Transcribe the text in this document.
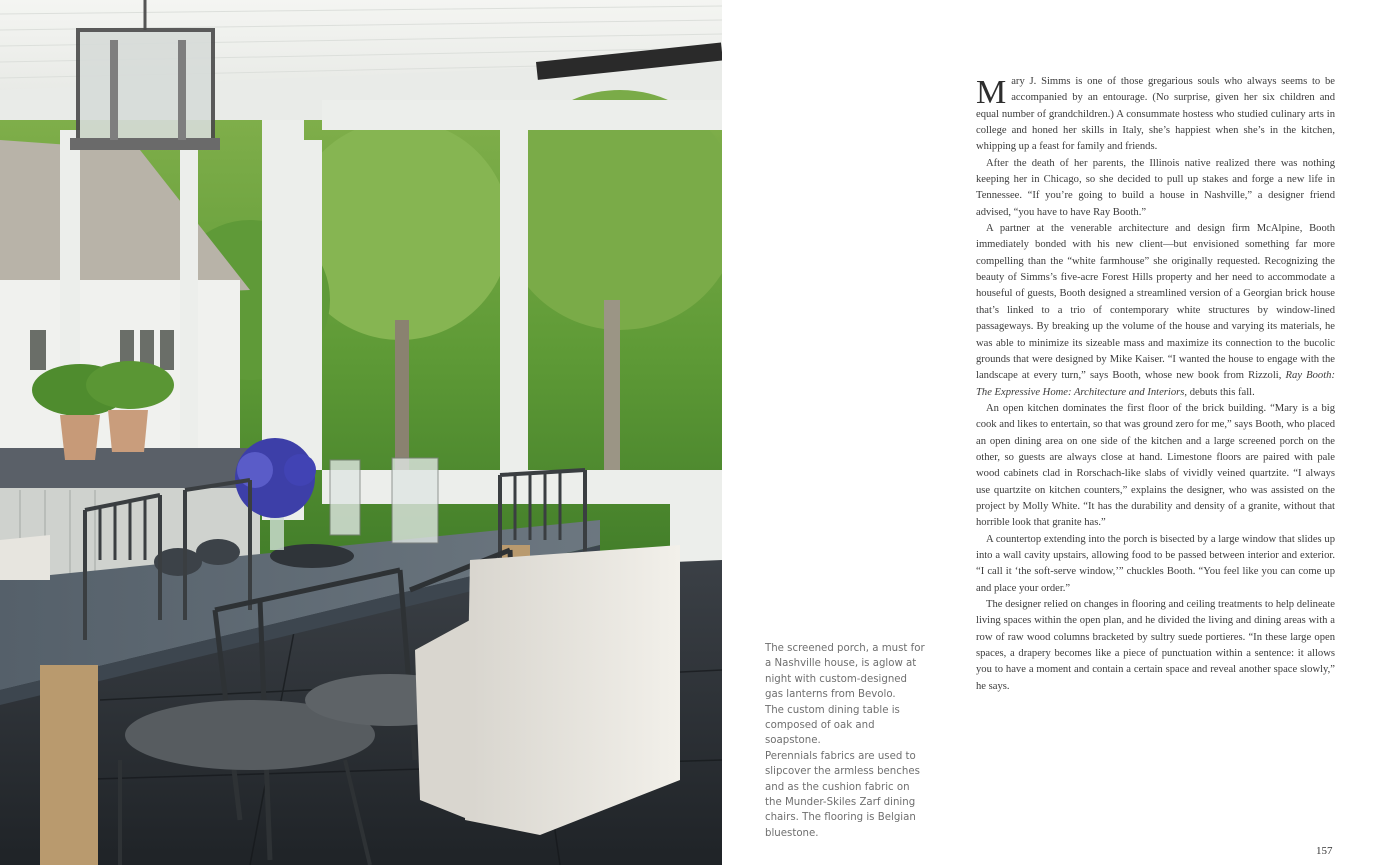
The screened porch, a must for

a Nashville house, is aglow at

night with custom-designed

gas lanterns from Bevolo.

The custom dining table is

composed of oak and soapstone.

Perennials fabrics are used to

slipcover the armless benches

and as the cushion fabric on

the Munder-Skiles Zarf dining

chairs. The flooring is Belgian

bluestone.

Mary J. Simms is one of those gregarious souls who always seems to be accompanied by an entourage. (No surprise, given her six children and equal number of grandchildren.) A consummate hostess who studied culinary arts in college and honed her skills in Italy, she’s happiest when she’s in the kitchen, whipping up a feast for family and friends.

After the death of her parents, the Illinois native realized there was nothing keeping her in Chicago, so she decided to pull up stakes and forge a new life in Tennessee. “If you’re going to build a house in Nashville,” a designer friend advised, “you have to have Ray Booth.”

A partner at the venerable architecture and design firm McAlpine, Booth immediately bonded with his new client—but envisioned something far more compelling than the “white farmhouse” she originally requested. Recognizing the beauty of Simms’s five-acre Forest Hills property and her need to accommodate a houseful of guests, Booth designed a streamlined version of a Georgian brick house that’s linked to a trio of contemporary white structures by window-lined passageways. By breaking up the volume of the house and varying its materials, he was able to minimize its sizeable mass and maximize its connection to the bucolic grounds that were designed by Mike Kaiser. “I wanted the house to engage with the landscape at every turn,” says Booth, whose new book from Rizzoli, Ray Booth: The Expressive Home: Architecture and Interiors, debuts this fall.

An open kitchen dominates the first floor of the brick building. “Mary is a big cook and likes to entertain, so that was ground zero for me,” says Booth, who placed an open dining area on one side of the kitchen and a large screened porch on the other, so guests are always close at hand. Limestone floors are paired with pale wood cabinets clad in Rorschach-like slabs of vividly veined quartzite. “I always use quartzite on kitchen counters,” explains the designer, who was assisted on the project by Molly White. “It has the durability and density of a granite, without that horrible look that granite has.”

A countertop extending into the porch is bisected by a large window that slides up into a wall cavity upstairs, allowing food to be passed between interior and exterior. “I call it ‘the soft-serve window,’” chuckles Booth. “You feel like you can come up and place your order.”

The designer relied on changes in flooring and ceiling treatments to help delineate living spaces within the open plan, and he divided the living and dining areas with a row of raw wood columns bracketed by sultry suede portieres. “In these large open spaces, a drapery becomes like a piece of punctuation within a sentence: it allows you to have a moment and contain a certain space and reveal another space slowly,” he says.

157
